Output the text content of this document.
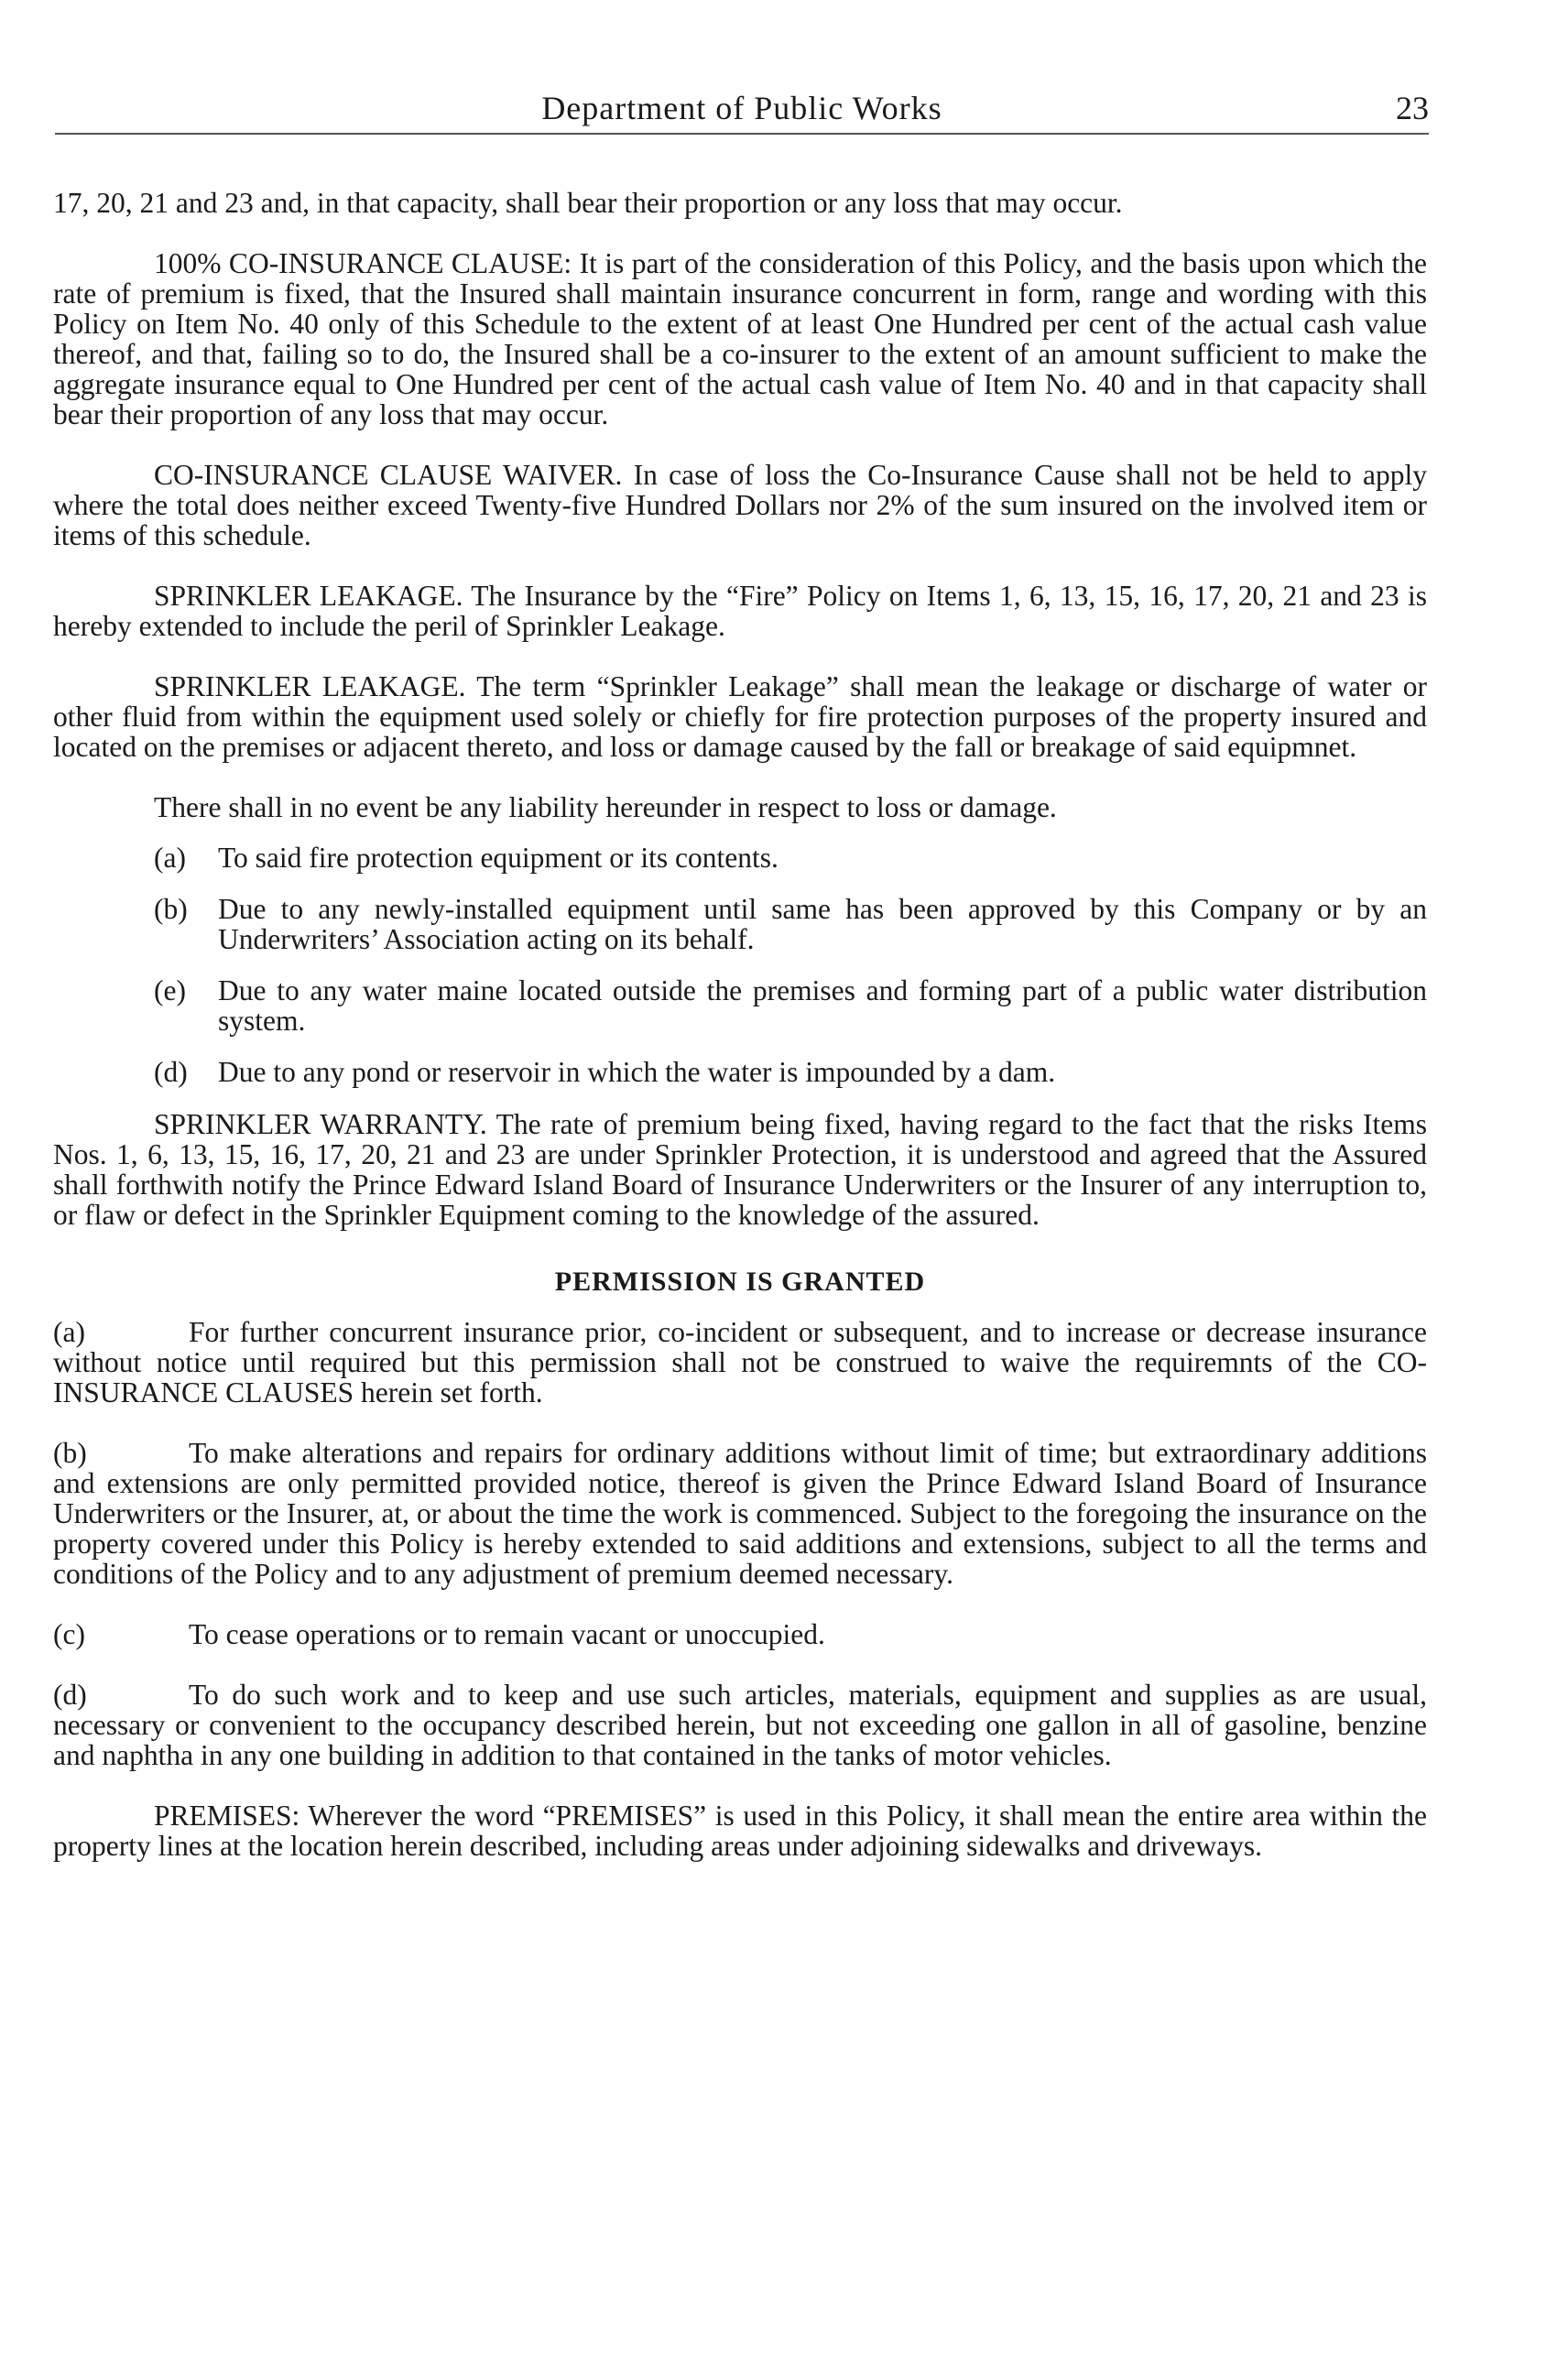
Department of Public Works	23

17, 20, 21 and 23 and, in that capacity, shall bear their proportion or any loss that may occur.

100% CO-INSURANCE CLAUSE: It is part of the consideration of this Policy, and the basis upon which the rate of premium is fixed, that the Insured shall maintain insurance concurrent in form, range and wording with this Policy on Item No. 40 only of this Schedule to the extent of at least One Hundred per cent of the actual cash value thereof, and that, failing so to do, the Insured shall be a co-insurer to the extent of an amount sufficient to make the aggregate insurance equal to One Hundred per cent of the actual cash value of Item No. 40 and in that capacity shall bear their proportion of any loss that may occur.

CO-INSURANCE CLAUSE WAIVER. In case of loss the Co-Insurance Cause shall not be held to apply where the total does neither exceed Twenty-five Hundred Dollars nor 2% of the sum insured on the involved item or items of this schedule.

SPRINKLER LEAKAGE. The Insurance by the “Fire” Policy on Items 1, 6, 13, 15, 16, 17, 20, 21 and 23 is hereby extended to include the peril of Sprinkler Leakage.

SPRINKLER LEAKAGE. The term “Sprinkler Leakage” shall mean the leakage or discharge of water or other fluid from within the equipment used solely or chiefly for fire protection purposes of the property insured and located on the premises or adjacent thereto, and loss or damage caused by the fall or breakage of said equipmnet.

There shall in no event be any liability hereunder in respect to loss or damage.

(a)	To said fire protection equipment or its contents.
(b)	Due to any newly-installed equipment until same has been approved by this Company or by an Underwriters’ Association acting on its behalf.
(e)	Due to any water maine located outside the premises and forming part of a public water distribution system.
(d)	Due to any pond or reservoir in which the water is impounded by a dam.

SPRINKLER WARRANTY. The rate of premium being fixed, having regard to the fact that the risks Items Nos. 1, 6, 13, 15, 16, 17, 20, 21 and 23 are under Sprinkler Protection, it is understood and agreed that the Assured shall forthwith notify the Prince Edward Island Board of Insurance Underwriters or the Insurer of any interruption to, or flaw or defect in the Sprinkler Equipment coming to the knowledge of the assured.

PERMISSION IS GRANTED

(a)	For further concurrent insurance prior, co-incident or subsequent, and to increase or decrease insurance without notice until required but this permission shall not be construed to waive the requiremnts of the CO-INSURANCE CLAUSES herein set forth.

(b)	To make alterations and repairs for ordinary additions without limit of time; but extraordinary additions and extensions are only permitted provided notice, thereof is given the Prince Edward Island Board of Insurance Underwriters or the Insurer, at, or about the time the work is commenced. Subject to the foregoing the insurance on the property covered under this Policy is hereby extended to said additions and extensions, subject to all the terms and conditions of the Policy and to any adjustment of premium deemed necessary.

(c)	To cease operations or to remain vacant or unoccupied.

(d)	To do such work and to keep and use such articles, materials, equipment and supplies as are usual, necessary or convenient to the occupancy described herein, but not exceeding one gallon in all of gasoline, benzine and naphtha in any one building in addition to that contained in the tanks of motor vehicles.

PREMISES: Wherever the word “PREMISES” is used in this Policy, it shall mean the entire area within the property lines at the location herein described, including areas under adjoining sidewalks and driveways.
